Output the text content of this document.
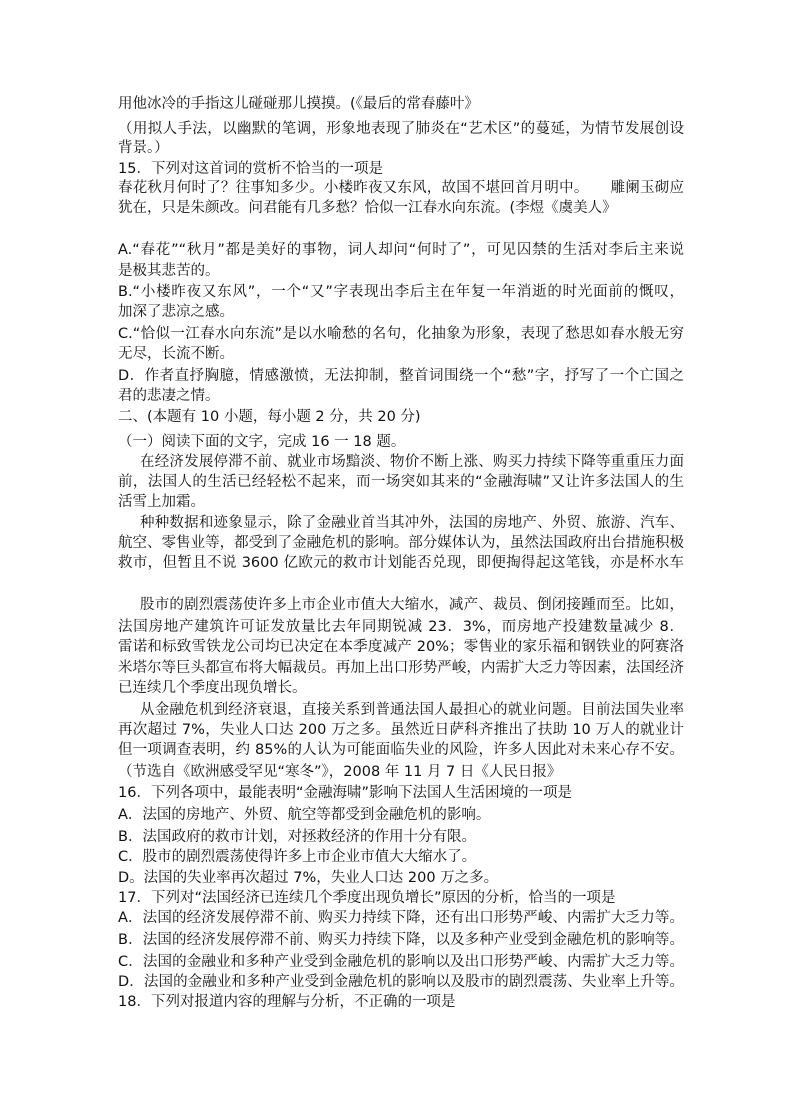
用他冰冷的手指这儿碰碰那儿摸摸。(《最后的常春藤叶》
（用拟人手法，以幽默的笔调，形象地表现了肺炎在“艺术区”的蔓延，为情节发展创设
背景。）
15．下列对这首词的赏析不恰当的一项是
春花秋月何时了？往事知多少。小楼昨夜又东风，故国不堪回首月明中。　　雕阑玉砌应
犹在，只是朱颜改。问君能有几多愁？恰似一江春水向东流。(李煜《虞美人》
A.“春花”“秋月”都是美好的事物，词人却问“何时了”，可见囚禁的生活对李后主来说
是极其悲苦的。
B.“小楼昨夜又东风”，一个“又”字表现出李后主在年复一年消逝的时光面前的慨叹，
加深了悲凉之感。
C.“恰似一江春水向东流”是以水喻愁的名句，化抽象为形象，表现了愁思如春水般无穷
无尽，长流不断。
D．作者直抒胸臆，情感激愤，无法抑制，整首词围绕一个“愁”字，抒写了一个亡国之
君的悲凄之情。
二、(本题有 10 小题，每小题 2 分，共 20 分)
（一）阅读下面的文字，完成 16 一 18 题。
在经济发展停滞不前、就业市场黯淡、物价不断上涨、购买力持续下降等重重压力面
前，法国人的生活已经轻松不起来，而一场突如其来的“金融海啸”又让许多法国人的生
活雪上加霜。
种种数据和迹象显示，除了金融业首当其冲外，法国的房地产、外贸、旅游、汽车、
航空、零售业等，都受到了金融危机的影响。部分媒体认为，虽然法国政府出台措施积极
救市，但暂且不说 3600 亿欧元的救市计划能否兑现，即便掏得起这笔钱，亦是杯水车
股市的剧烈震荡使许多上市企业市值大大缩水，减产、裁员、倒闭接踵而至。比如，
法国房地产建筑许可证发放量比去年同期锐减 23．3%，而房地产投建数量减少 8．
雷诺和标致雪铁龙公司均已决定在本季度减产 20%；零售业的家乐福和钢铁业的阿赛洛
米塔尔等巨头都宣布将大幅裁员。再加上出口形势严峻，内需扩大乏力等因素，法国经济
已连续几个季度出现负增长。
从金融危机到经济衰退，直接关系到普通法国人最担心的就业问题。目前法国失业率
再次超过 7%，失业人口达 200 万之多。虽然近日萨科齐推出了扶助 10 万人的就业计
但一项调查表明，约 85%的人认为可能面临失业的风险，许多人因此对未来心存不安。
（节选自《欧洲感受罕见“寒冬”》，2008 年 11 月 7 日《人民日报》
16．下列各项中，最能表明“金融海啸”影响下法国人生活困境的一项是
A．法国的房地产、外贸、航空等都受到金融危机的影响。
B．法国政府的救市计划，对拯救经济的作用十分有限。
C．股市的剧烈震荡使得许多上市企业市值大大缩水了。
D。法国的失业率再次超过 7%，失业人口达 200 万之多。
17．下列对“法国经济已连续几个季度出现负增长”原因的分析，恰当的一项是
A．法国的经济发展停滞不前、购买力持续下降，还有出口形势严峻、内需扩大乏力等。
B．法国的经济发展停滞不前、购买力持续下降，以及多种产业受到金融危机的影响等。
C．法国的金融业和多种产业受到金融危机的影响以及出口形势严峻、内需扩大乏力等。
D．法国的金融业和多种产业受到金融危机的影响以及股市的剧烈震荡、失业率上升等。
18．下列对报道内容的理解与分析，不正确的一项是
